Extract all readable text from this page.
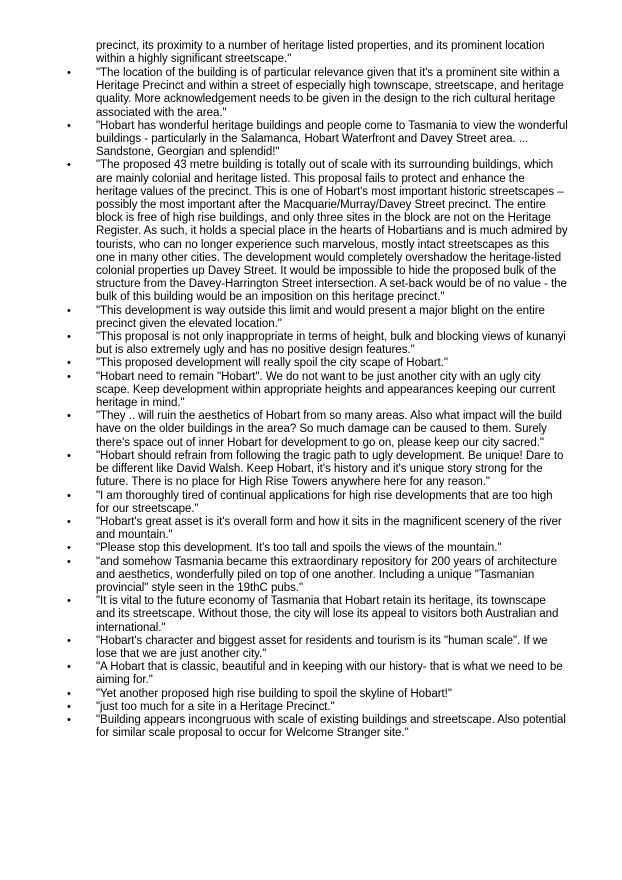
precinct, its proximity to a number of heritage listed properties, and its prominent location within a highly significant streetscape."

• "The location of the building is of particular relevance given that it's a prominent site within a Heritage Precinct and within a street of especially high townscape, streetscape, and heritage quality. More acknowledgement needs to be given in the design to the rich cultural heritage associated with the area."
• "Hobart has wonderful heritage buildings and people come to Tasmania to view the wonderful buildings - particularly in the Salamanca, Hobart Waterfront and Davey Street area. ... Sandstone, Georgian and splendid!"
• "The proposed 43 metre building is totally out of scale with its surrounding buildings, which are mainly colonial and heritage listed. This proposal fails to protect and enhance the heritage values of the precinct. This is one of Hobart's most important historic streetscapes – possibly the most important after the Macquarie/Murray/Davey Street precinct. The entire block is free of high rise buildings, and only three sites in the block are not on the Heritage Register. As such, it holds a special place in the hearts of Hobartians and is much admired by tourists, who can no longer experience such marvelous, mostly intact streetscapes as this one in many other cities. The development would completely overshadow the heritage-listed colonial properties up Davey Street. It would be impossible to hide the proposed bulk of the structure from the Davey-Harrington Street intersection. A set-back would be of no value - the bulk of this building would be an imposition on this heritage precinct."
• "This development is way outside this limit and would present a major blight on the entire precinct given the elevated location."
• "This proposal is not only inappropriate in terms of height, bulk and blocking views of kunanyi but is also extremely ugly and has no positive design features."
• "This proposed development will really spoil the city scape of Hobart."
• "Hobart need to remain "Hobart". We do not want to be just another city with an ugly city scape. Keep development within appropriate heights and appearances keeping our current heritage in mind."
• "They .. will ruin the aesthetics of Hobart from so many areas. Also what impact will the build have on the older buildings in the area? So much damage can be caused to them. Surely there's space out of inner Hobart for development to go on, please keep our city sacred."
• "Hobart should refrain from following the tragic path to ugly development. Be unique! Dare to be different like David Walsh. Keep Hobart, it's history and it's unique story strong for the future. There is no place for High Rise Towers anywhere here for any reason."
• "I am thoroughly tired of continual applications for high rise developments that are too high for our streetscape."
• "Hobart's great asset is it's overall form and how it sits in the magnificent scenery of the river and mountain."
• "Please stop this development. It's too tall and spoils the views of the mountain."
• "and somehow Tasmania became this extraordinary repository for 200 years of architecture and aesthetics, wonderfully piled on top of one another. Including a unique "Tasmanian provincial" style seen in the 19thC pubs."
• "It is vital to the future economy of Tasmania that Hobart retain its heritage, its townscape and its streetscape. Without those, the city will lose its appeal to visitors both Australian and international."
• "Hobart's character and biggest asset for residents and tourism is its "human scale". If we lose that we are just another city."
• "A Hobart that is classic, beautiful and in keeping with our history- that is what we need to be aiming for."
• "Yet another proposed high rise building to spoil the skyline of Hobart!"
• "just too much for a site in a Heritage Precinct."
• "Building appears incongruous with scale of existing buildings and streetscape. Also potential for similar scale proposal to occur for Welcome Stranger site."
